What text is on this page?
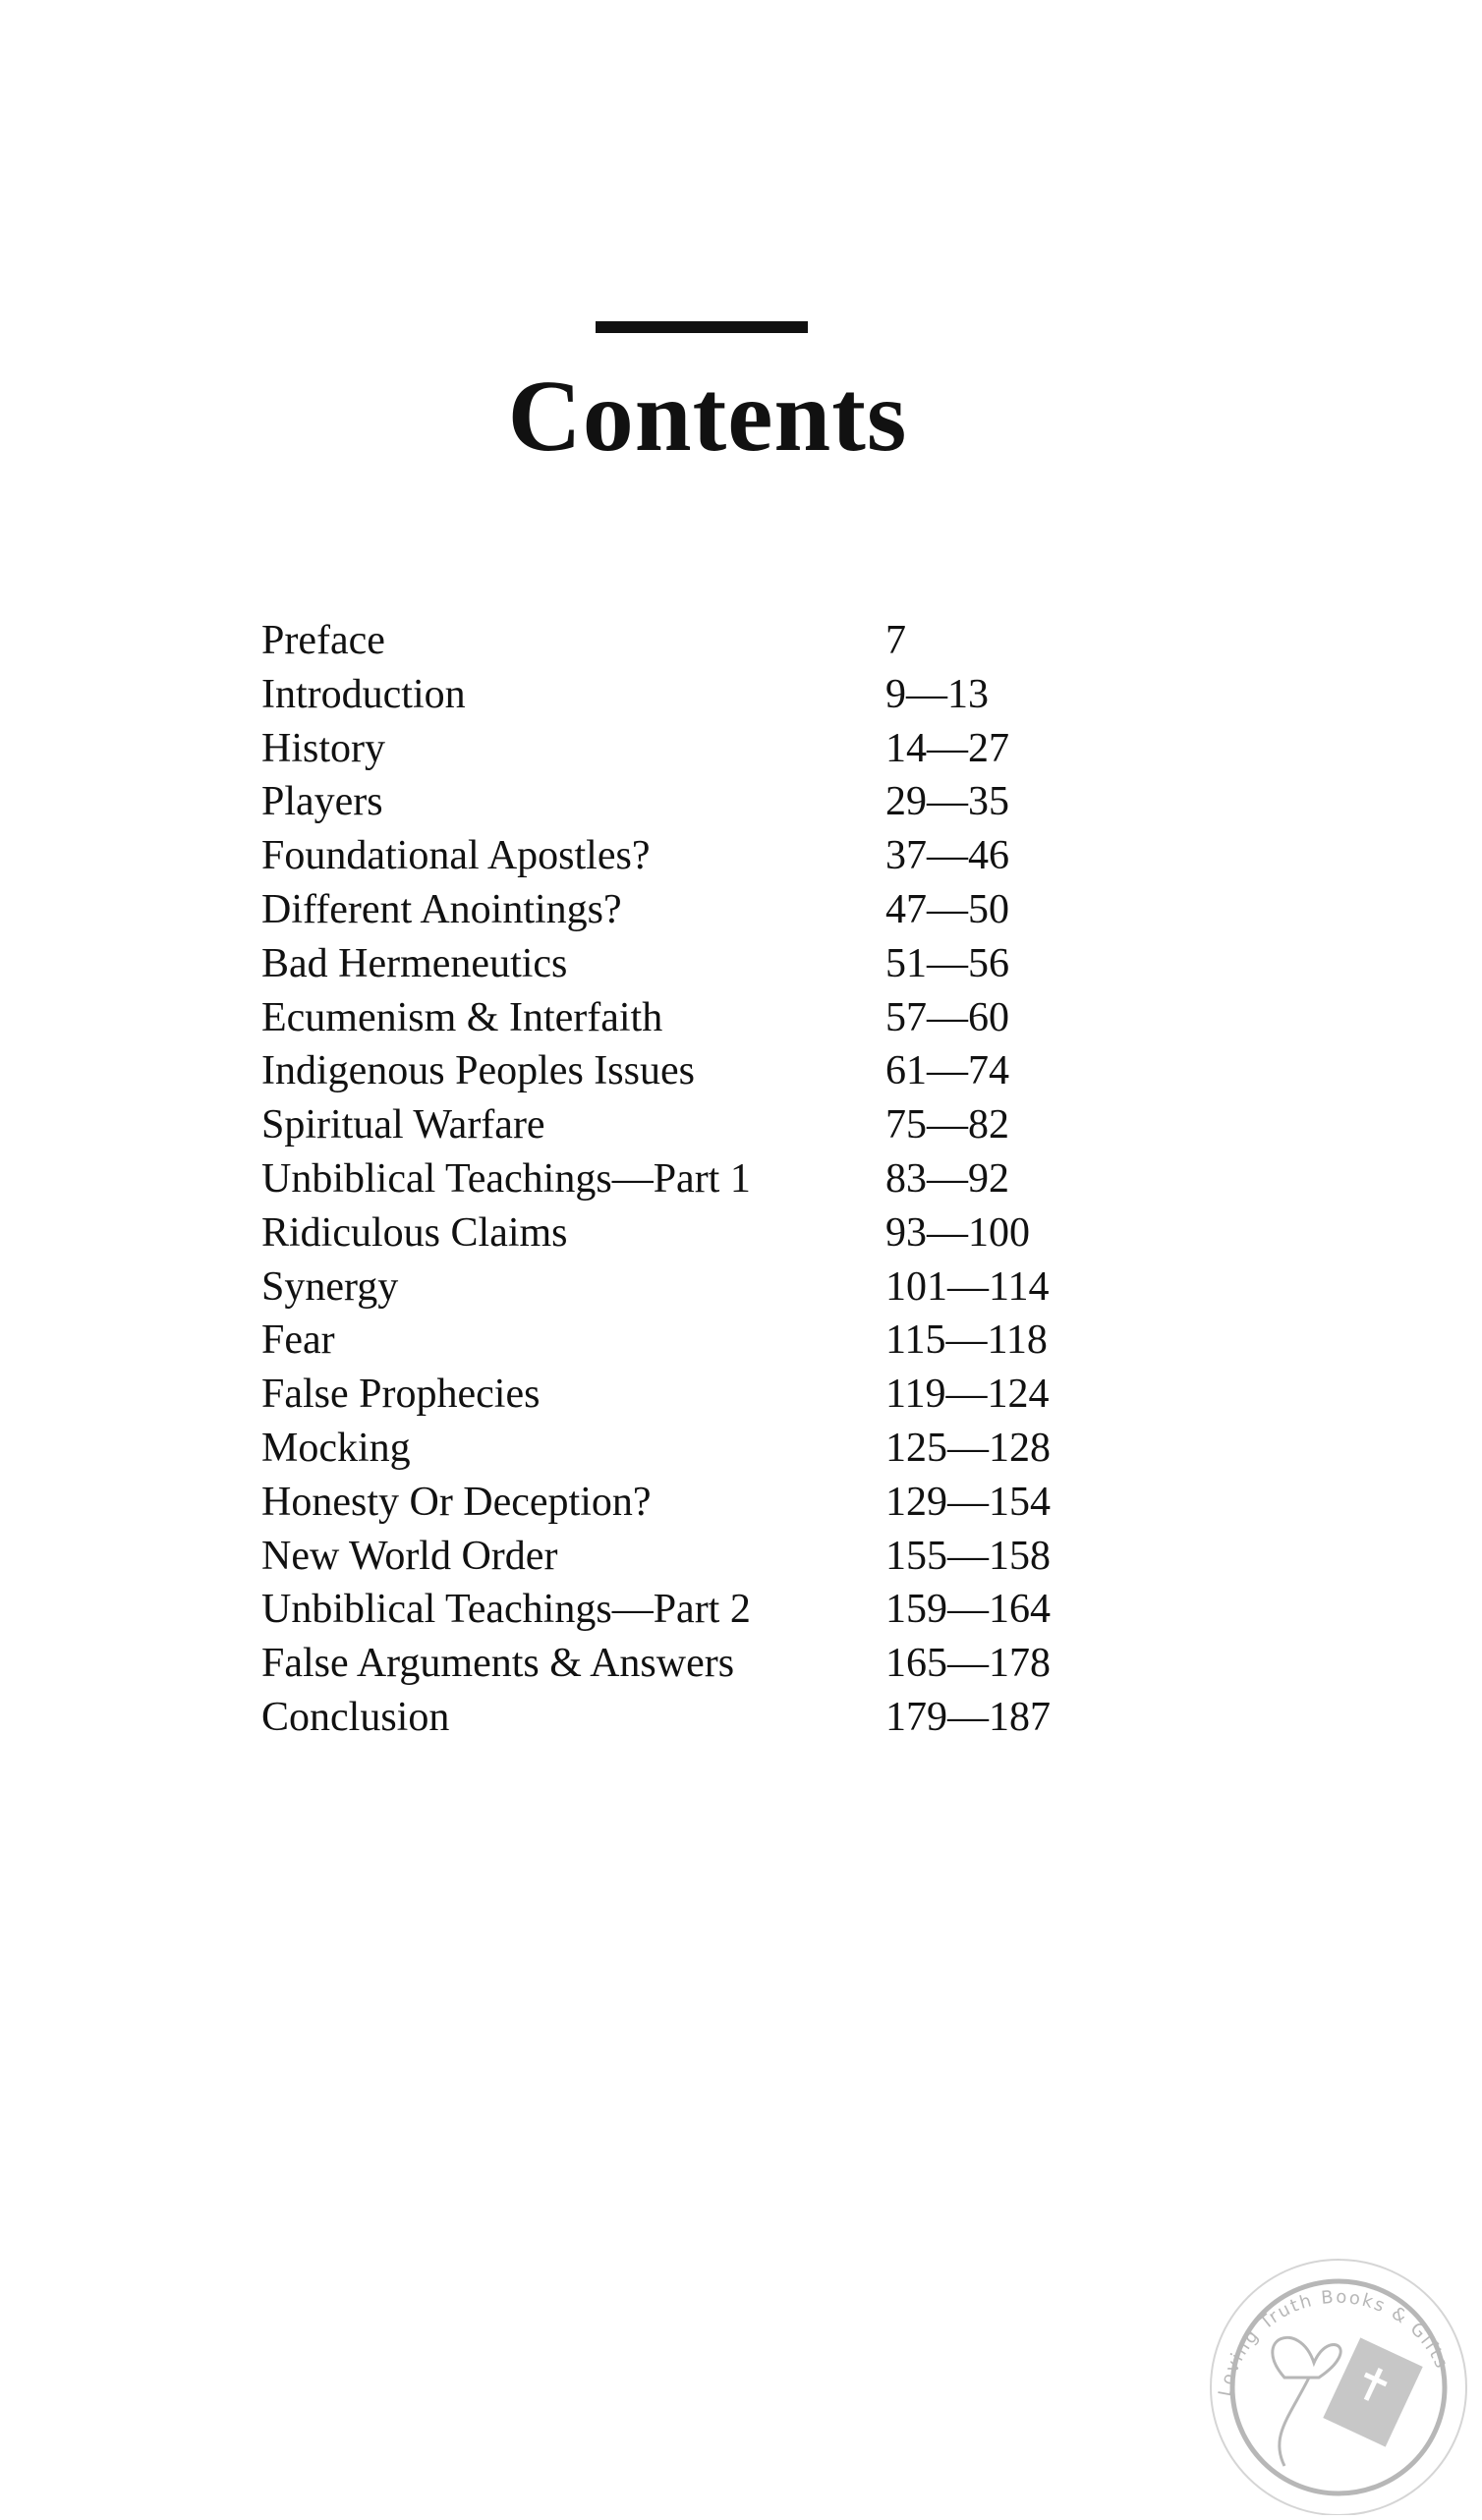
Contents
Preface	7
Introduction	9—13
History	14—27
Players	29—35
Foundational Apostles?	37—46
Different Anointings?	47—50
Bad Hermeneutics	51—56
Ecumenism & Interfaith	57—60
Indigenous Peoples Issues	61—74
Spiritual Warfare	75—82
Unbiblical Teachings—Part 1	83—92
Ridiculous Claims	93—100
Synergy	101—114
Fear	115—118
False Prophecies	119—124
Mocking	125—128
Honesty Or Deception?	129—154
New World Order	155—158
Unbiblical Teachings—Part 2	159—164
False Arguments & Answers	165—178
Conclusion	179—187
Loving Truth Books & Gifts
